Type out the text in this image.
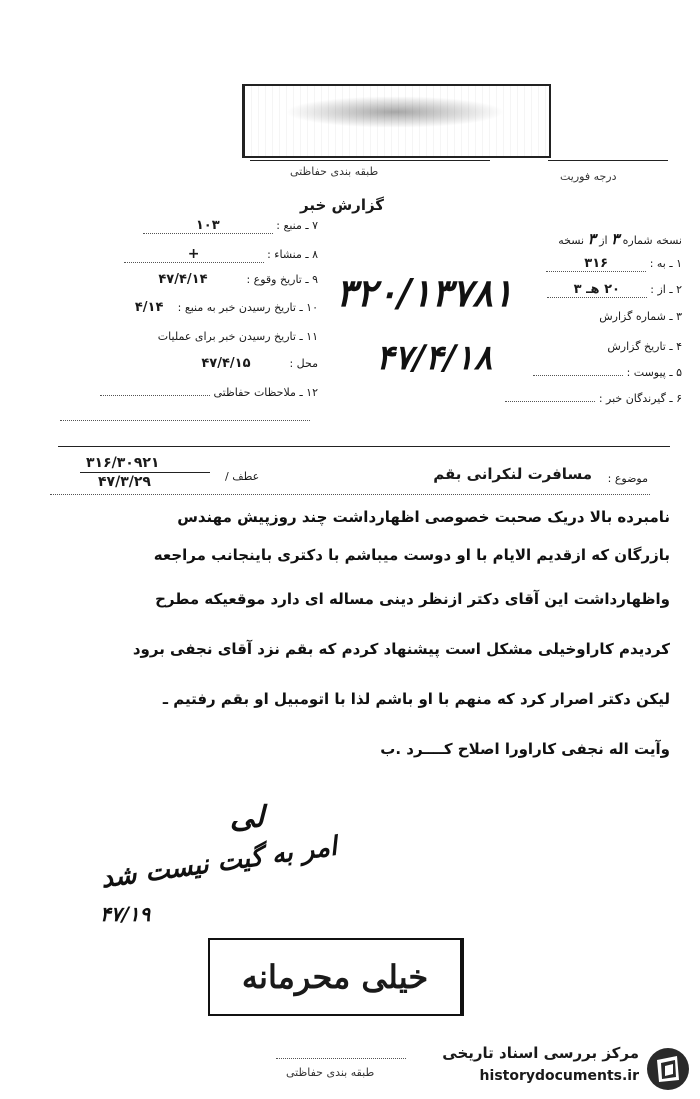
طبقه بندی حفاظتی	درجه فوریت
گزارش خبر
نسخه شماره ۳ از ۳ نسخه
۱ ـ به : ۳۱۶
۲ ـ از : ۲۰ هـ ۳
۳ ـ شماره گزارش
۴ ـ تاریخ گزارش
۵ ـ پیوست :
۶ ـ گیرندگان خبر :
۳۲۰/۱۳۷۸۱
۴۷/۴/۱۸
۷ ـ منبع : ۱۰۳
۸ ـ منشاء : +
۹ ـ تاریخ وقوع : ۴۷/۴/۱۴
۱۰ ـ تاریخ رسیدن خبر به منبع : ۴/۱۴
۱۱ ـ تاریخ رسیدن خبر برای عملیات
محل : ۴۷/۴/۱۵
۱۲ ـ ملاحظات حفاظتی
موضوع :
مسافرت لنکرانی بقم
عطف /
۳۱۶/۳۰۹۲۱
۴۷/۳/۲۹
نامبرده بالا دریک صحبت خصوصی اظهارداشت چند روزپیش مهندس
بازرگان که ازقدیم الایام با او دوست میباشم با دکتری باینجانب مراجعه
واظهارداشت این آقای دکتر ازنظر دینی مساله ای دارد موقعیکه مطرح
کردیدم کاراوخیلی مشکل است پیشنهاد کردم که بقم نزد آقای نجفی برود
لیکن دکتر اصرار کرد که منهم با او باشم لذا با اتومبیل او بقم رفتیم ـ
وآیت اله نجفی کاراورا اصلاح کــــرد .ب
لی
امر به گیت نیست شد
۴۷/۱۹
خیلی محرمانه
طبقه بندی حفاظتی
مرکز بررسی اسناد تاریخی
historydocuments.ir
